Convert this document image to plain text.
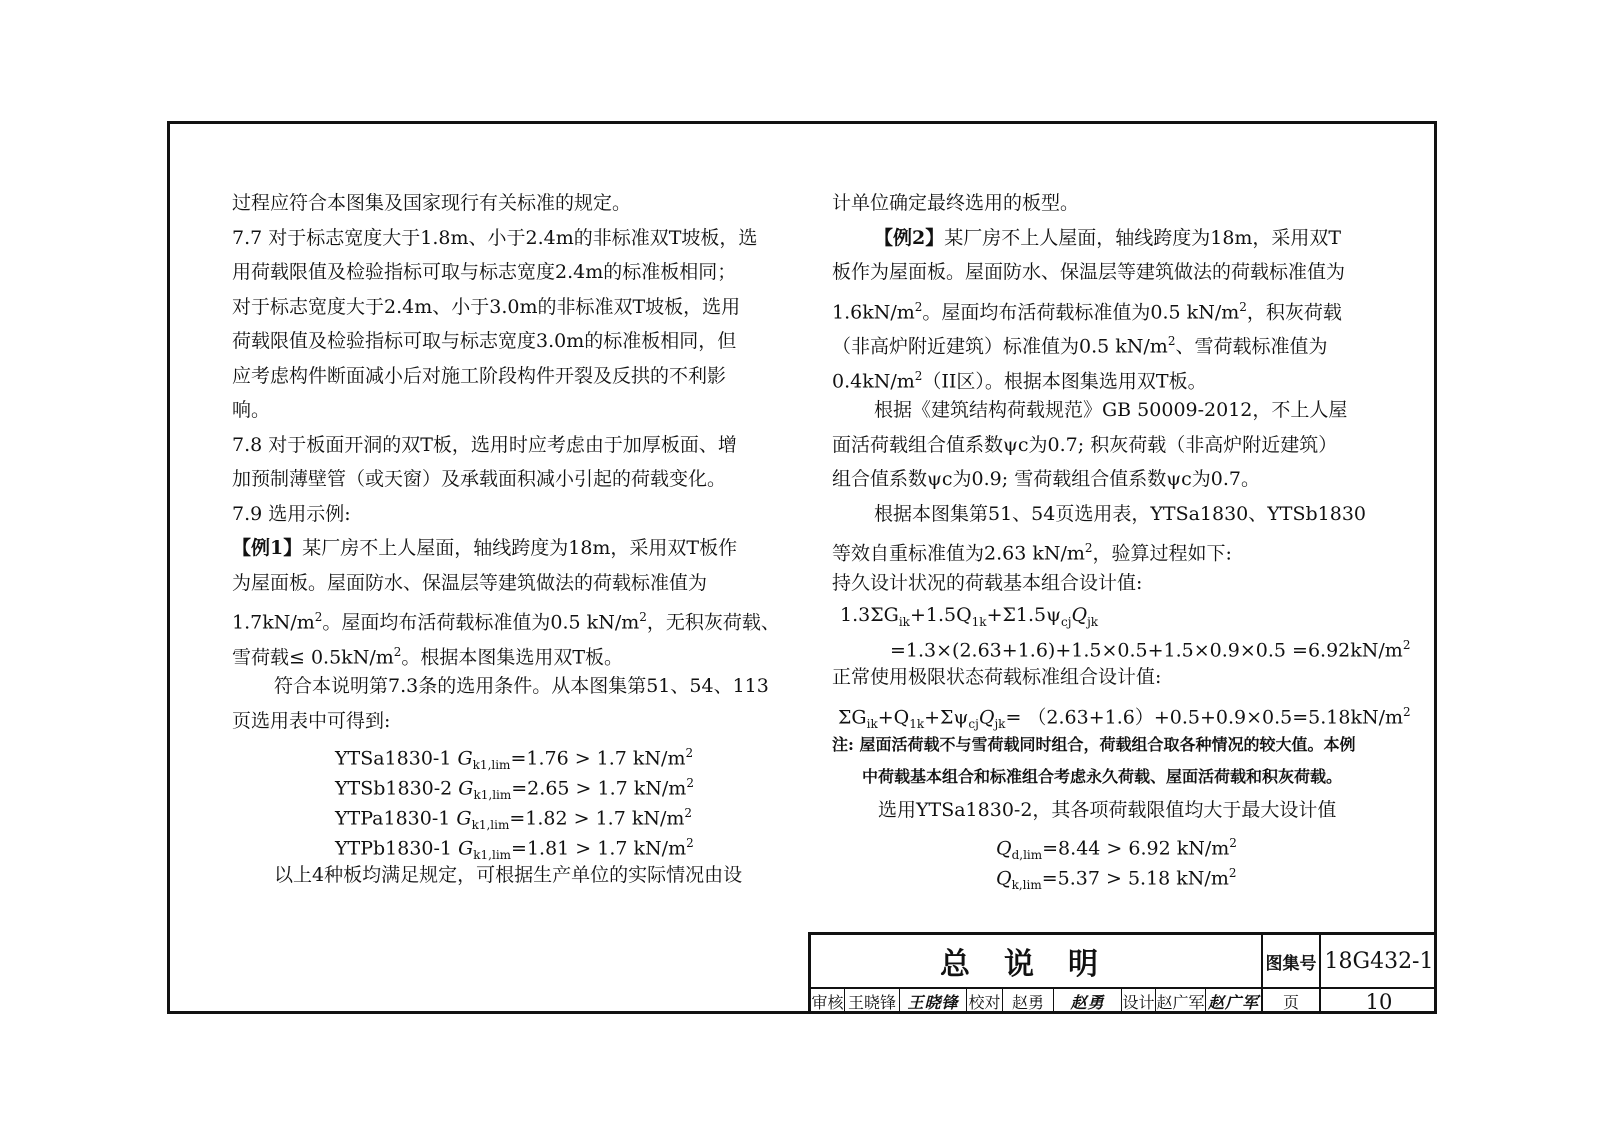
过程应符合本图集及国家现行有关标准的规定。
7.7 对于标志宽度大于1.8m、小于2.4m的非标准双T坡板，选
用荷载限值及检验指标可取与标志宽度2.4m的标准板相同；
对于标志宽度大于2.4m、小于3.0m的非标准双T坡板，选用
荷载限值及检验指标可取与标志宽度3.0m的标准板相同，但
应考虑构件断面减小后对施工阶段构件开裂及反拱的不利影
响。
7.8 对于板面开洞的双T板，选用时应考虑由于加厚板面、增
加预制薄壁管（或天窗）及承载面积减小引起的荷载变化。
7.9 选用示例:
【例1】某厂房不上人屋面，轴线跨度为18m，采用双T板作
为屋面板。屋面防水、保温层等建筑做法的荷载标准值为
$1.7kN/m^2$。屋面均布活荷载标准值为0.5 $kN/m^2$，无积灰荷载、
雪荷载≤ $0.5kN/m^2$。根据本图集选用双T板。
符合本说明第7.3条的选用条件。从本图集第51、54、113
页选用表中可得到:
YTSa1830-1 $G_{k1,lim}=1.76 > 1.7$ $kN/m^2$
YTSb1830-2 $G_{k1,lim}=2.65 > 1.7$ $kN/m^2$
YTPa1830-1 $G_{k1,lim}=1.82 > 1.7$ $kN/m^2$
YTPb1830-1 $G_{k1,lim}=1.81 > 1.7$ $kN/m^2$
以上4种板均满足规定，可根据生产单位的实际情况由设
计单位确定最终选用的板型。
【例2】某厂房不上人屋面，轴线跨度为18m，采用双T
板作为屋面板。屋面防水、保温层等建筑做法的荷载标准值为
$1.6kN/m^2$。屋面均布活荷载标准值为0.5 $kN/m^2$，积灰荷载
（非高炉附近建筑）标准值为0.5 $kN/m^2$、雪荷载标准值为
$0.4kN/m^2(II$区）。根据本图集选用双T板。
根据《建筑结构荷载规范》GB 50009-2012，不上人屋
面活荷载组合值系数ψc为0.7; 积灰荷载（非高炉附近建筑）
组合值系数ψc为0.9; 雪荷载组合值系数ψc为0.7。
根据本图集第51、54页选用表，YTSa1830、YTSb1830
等效自重标准值为2.63 $kN/m^2$，验算过程如下:
持久设计状况的荷载基本组合设计值:
$1.3\Sigma G_{ik}+1.5Q_{1k}+\Sigma 1.5\psi_{cj}Q_{jk}$
$=1.3\times(2.63+1.6)+1.5\times 0.5+1.5\times 0.9\times 0.5 =6.92kN/m^2$
正常使用极限状态荷载标准组合设计值:
$\Sigma G_{ik}+Q_{1k}+\Sigma\psi_{cj}Q_{jk}= (2.63+1.6)+0.5+0.9\times 0.5=5.18kN/m^2$
注: 屋面活荷载不与雪荷载同时组合，荷载组合取各种情况的较大值。本例
中荷载基本组合和标准组合考虑永久荷载、屋面活荷载和积灰荷载。
选用YTSa1830-2，其各项荷载限值均大于最大设计值
$Q_{d,lim}=8.44 > 6.92$ $kN/m^2$
$Q_{k,lim}=5.37 > 5.18$ $kN/m^2$
总说明	图集号 18G432-1
审核 王晓锋 王晓锋 校对 赵勇	赵勇	设计 赵广军 赵广军	页	10
